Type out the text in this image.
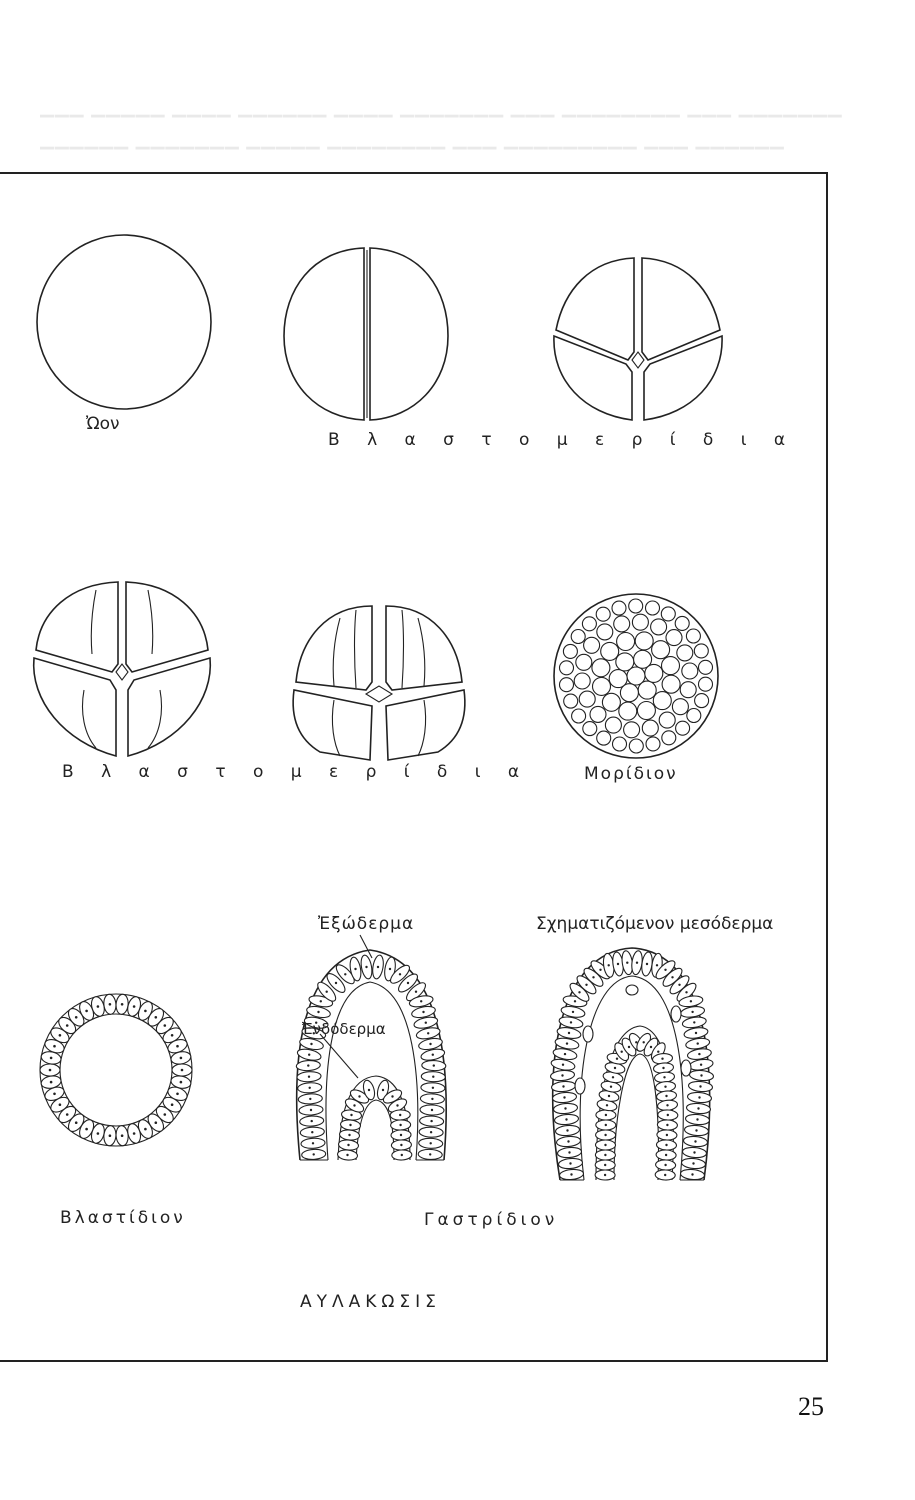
▁▁▁ ▁▁▁▁▁ ▁▁▁▁ ▁▁▁▁▁▁ ▁▁▁▁ ▁▁▁▁▁▁▁ ▁▁▁ ▁▁▁▁▁▁▁▁ ▁▁▁ ▁▁▁▁▁▁▁
▁▁▁▁▁▁ ▁▁▁▁▁▁▁ ▁▁▁▁▁ ▁▁▁▁▁▁▁▁ ▁▁▁ ▁▁▁▁▁▁▁▁▁ ▁▁▁ ▁▁▁▁▁▁
Ὠον
Β λ α σ τ ο μ ε ρ ί δ ι α
Β λ α σ τ ο μ ε ρ ί δ ι α	Μορίδιον
Ἐξώδερμα
Ἐνδόδερμα
Σχηματιζόμενον μεσόδερμα
Βλαστίδιον	Γαστρίδιον
ΑΥΛΑΚΩΣΙΣ
25
